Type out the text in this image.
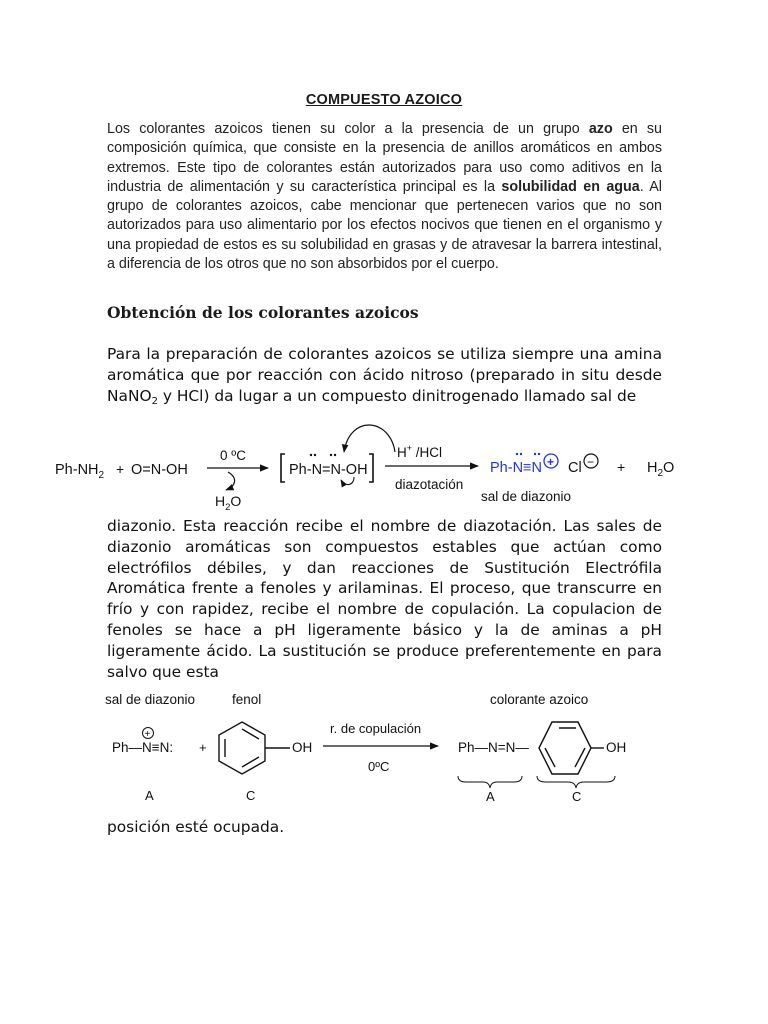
COMPUESTO AZOICO
Los colorantes azoicos tienen su color a la presencia de un grupo azo en su composición química, que consiste en la presencia de anillos aromáticos en ambos extremos. Este tipo de colorantes están autorizados para uso como aditivos en la industria de alimentación y su característica principal es la solubilidad en agua. Al grupo de colorantes azoicos, cabe mencionar que pertenecen varios que no son autorizados para uso alimentario por los efectos nocivos que tienen en el organismo y una propiedad de estos es su solubilidad en grasas y de atravesar la barrera intestinal, a diferencia de los otros que no son absorbidos por el cuerpo.
Obtención de los colorantes azoicos
Para la preparación de colorantes azoicos se utiliza siempre una amina aromática que por reacción con ácido nitroso (preparado in situ desde NaNO$_2$ y HCl) da lugar a un compuesto dinitrogenado llamado sal de
$Ph-NH_2 + O=N-OH$
0 ºC
$H_2O$
Ph-N=N-OH
H+ /HCl
diazotación
Ph-N≡N + Cl − + $H_2O$
sal de diazonio
diazonio. Esta reacción recibe el nombre de diazotación. Las sales de diazonio aromáticas son compuestos estables que actúan como electrófilos débiles, y dan reacciones de Sustitución Electrófila Aromática frente a fenoles y arilaminas. El proceso, que transcurre en frío y con rapidez, recibe el nombre de copulación. La copulacion de fenoles se hace a pH ligeramente básico y la de aminas a pH ligeramente ácido. La sustitución se produce preferentemente en para salvo que esta
sal de diazonio	fenol	colorante azoico
Ph—N≡N:
+
+	OH
r. de copulación
0ºC
Ph—N=N—	OH
A	C	A	C
posición esté ocupada.
